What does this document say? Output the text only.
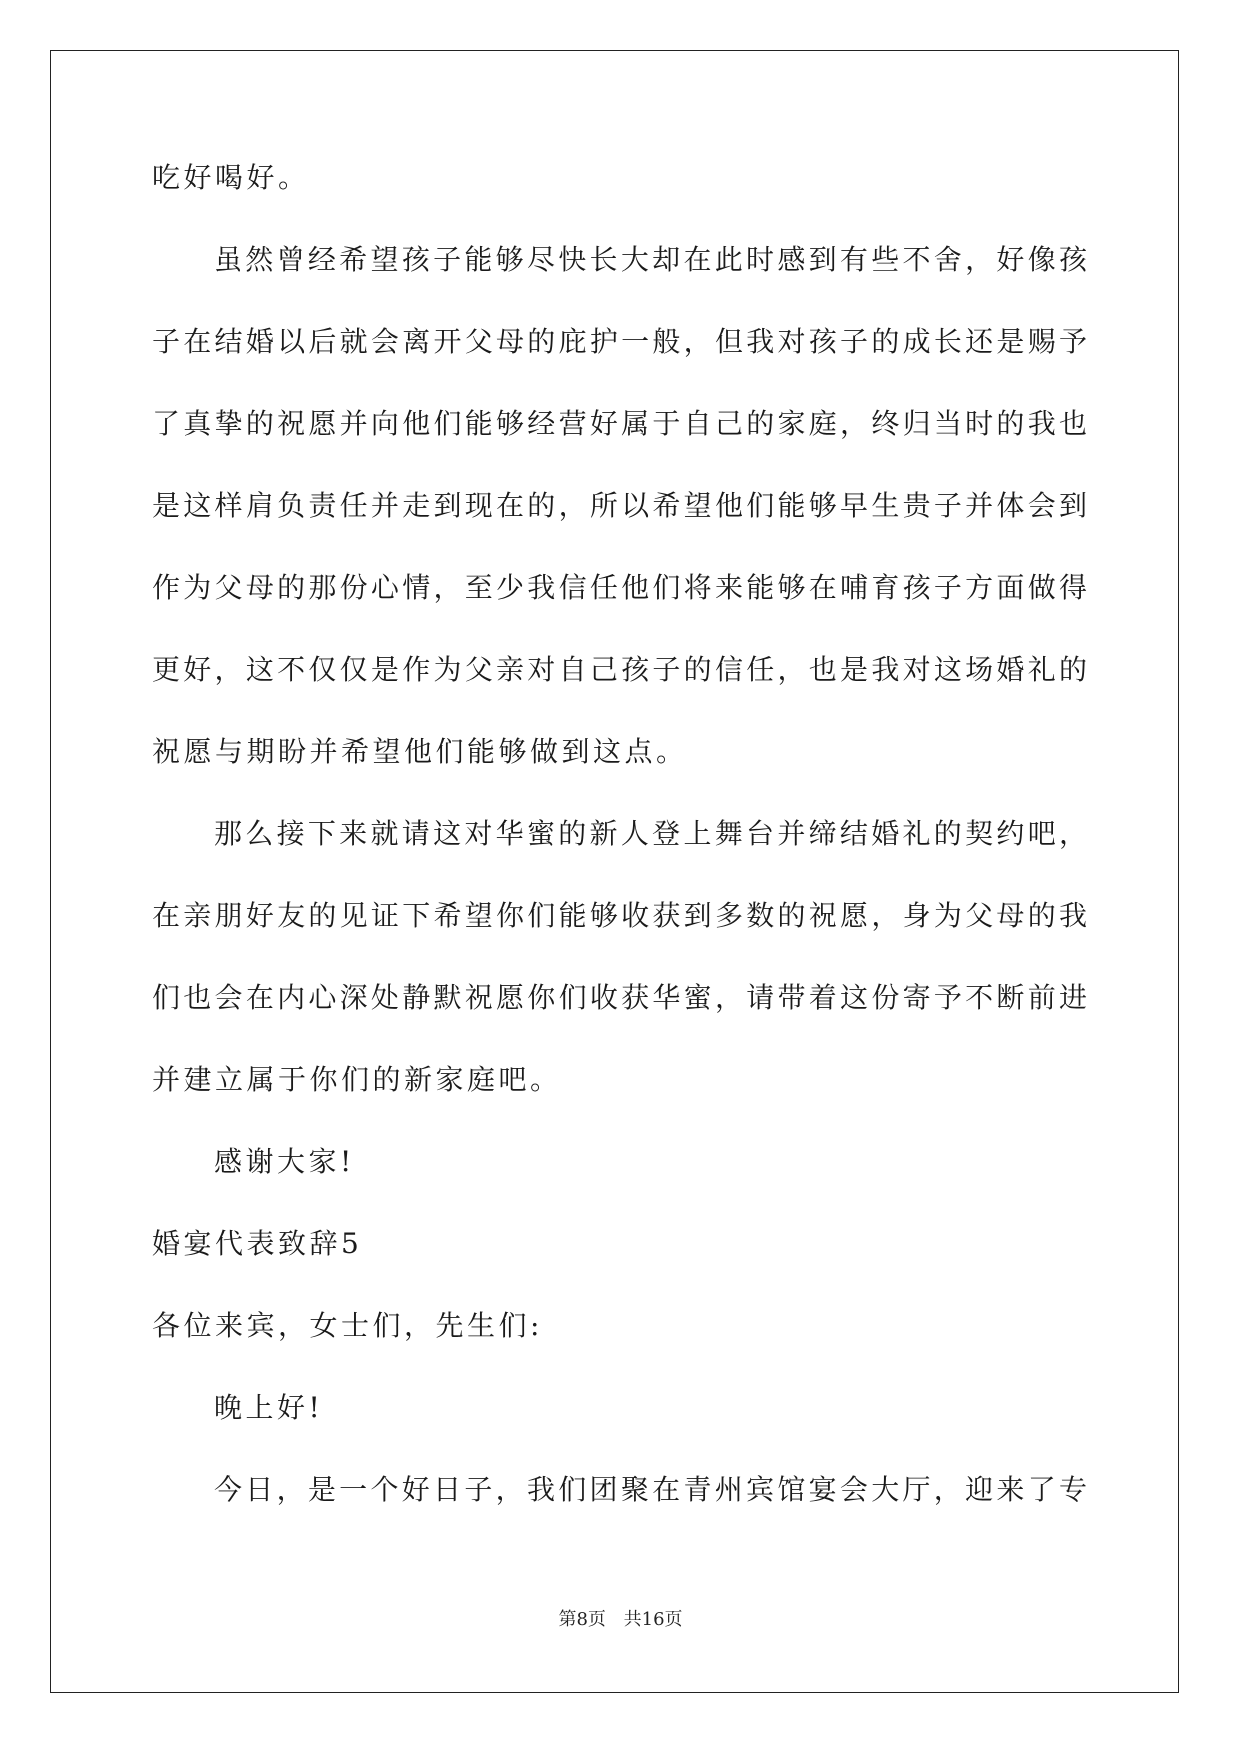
吃好喝好。
虽然曾经希望孩子能够尽快长大却在此时感到有些不舍，好像孩
子在结婚以后就会离开父母的庇护一般，但我对孩子的成长还是赐予
了真挚的祝愿并向他们能够经营好属于自己的家庭，终归当时的我也
是这样肩负责任并走到现在的，所以希望他们能够早生贵子并体会到
作为父母的那份心情，至少我信任他们将来能够在哺育孩子方面做得
更好，这不仅仅是作为父亲对自己孩子的信任，也是我对这场婚礼的
祝愿与期盼并希望他们能够做到这点。
那么接下来就请这对华蜜的新人登上舞台并缔结婚礼的契约吧，
在亲朋好友的见证下希望你们能够收获到多数的祝愿，身为父母的我
们也会在内心深处静默祝愿你们收获华蜜，请带着这份寄予不断前进
并建立属于你们的新家庭吧。
感谢大家!
婚宴代表致辞5
各位来宾，女士们，先生们:
晚上好!
今日，是一个好日子，我们团聚在青州宾馆宴会大厅，迎来了专
第8页 共16页
